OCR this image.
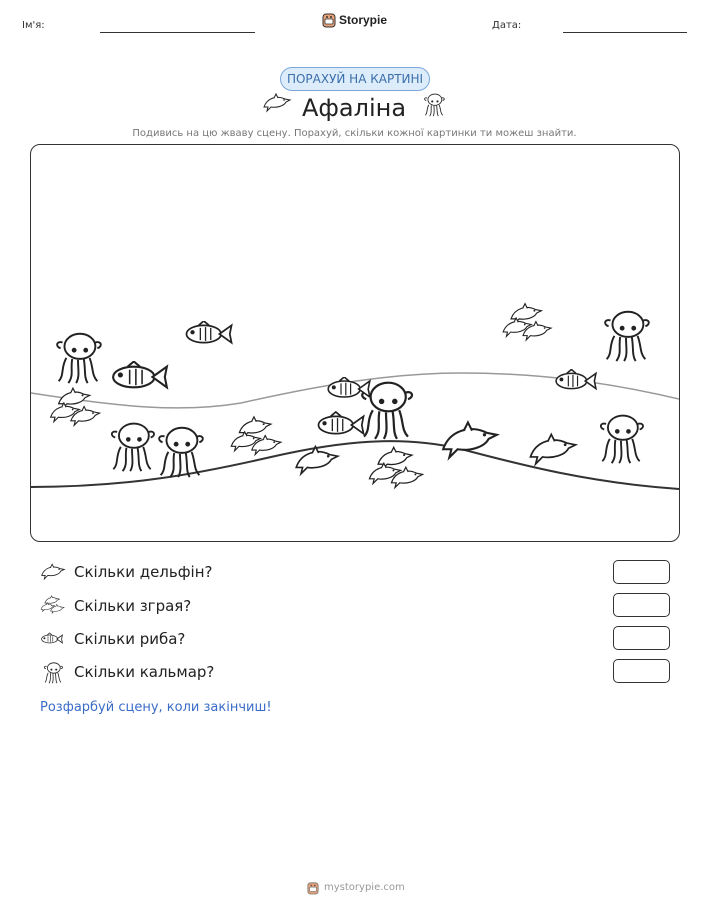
Ім'я:	Storypie	Дата:
ПОРАХУЙ НА КАРТИНІ
Афаліна
Подивись на цю жваву сцену. Порахуй, скільки кожної картинки ти можеш знайти.
Скільки дельфін?
Скільки зграя?
Скільки риба?
Скільки кальмар?
Розфарбуй сцену, коли закінчиш!
mystorypie.com
